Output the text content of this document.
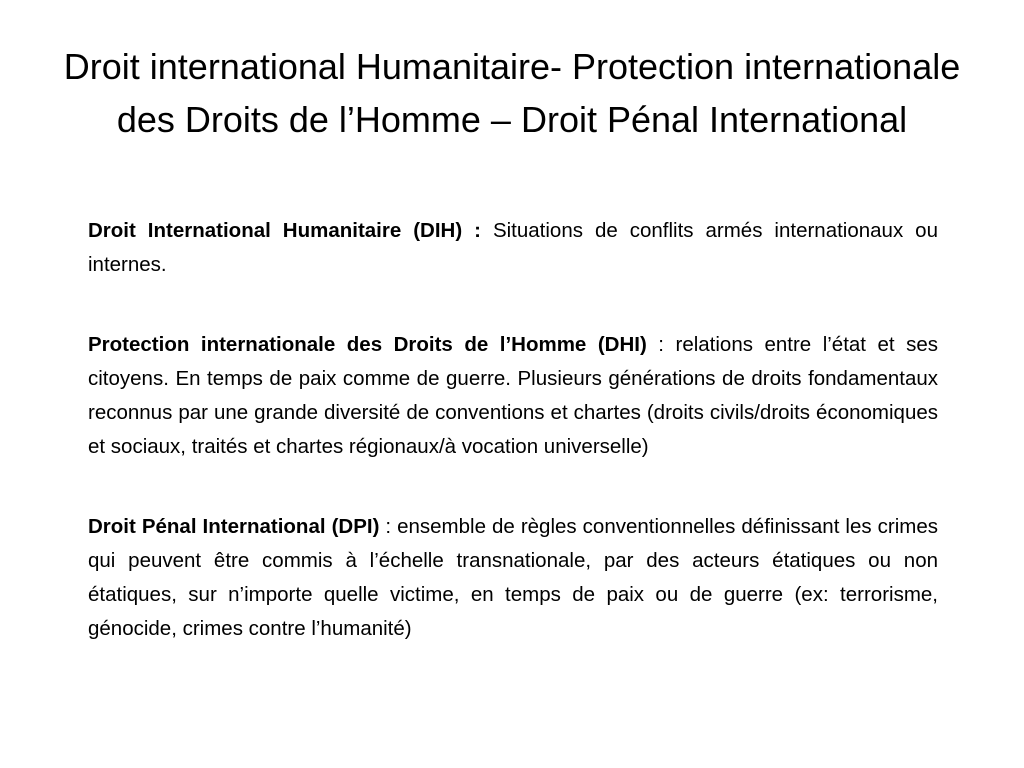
Droit international Humanitaire- Protection internationale des Droits de l’Homme – Droit Pénal International

Droit International Humanitaire (DIH) : Situations de conflits armés internationaux ou internes.

Protection internationale des Droits de l’Homme (DHI) : relations entre l’état et ses citoyens. En temps de paix comme de guerre. Plusieurs générations de droits fondamentaux reconnus par une grande diversité de conventions et chartes (droits civils/droits économiques et sociaux, traités et chartes régionaux/à vocation universelle)

Droit Pénal International (DPI) : ensemble de règles conventionnelles définissant les crimes qui peuvent être commis à l’échelle transnationale, par des acteurs étatiques ou non étatiques, sur n’importe quelle victime, en temps de paix ou de guerre (ex: terrorisme, génocide, crimes contre l’humanité)
